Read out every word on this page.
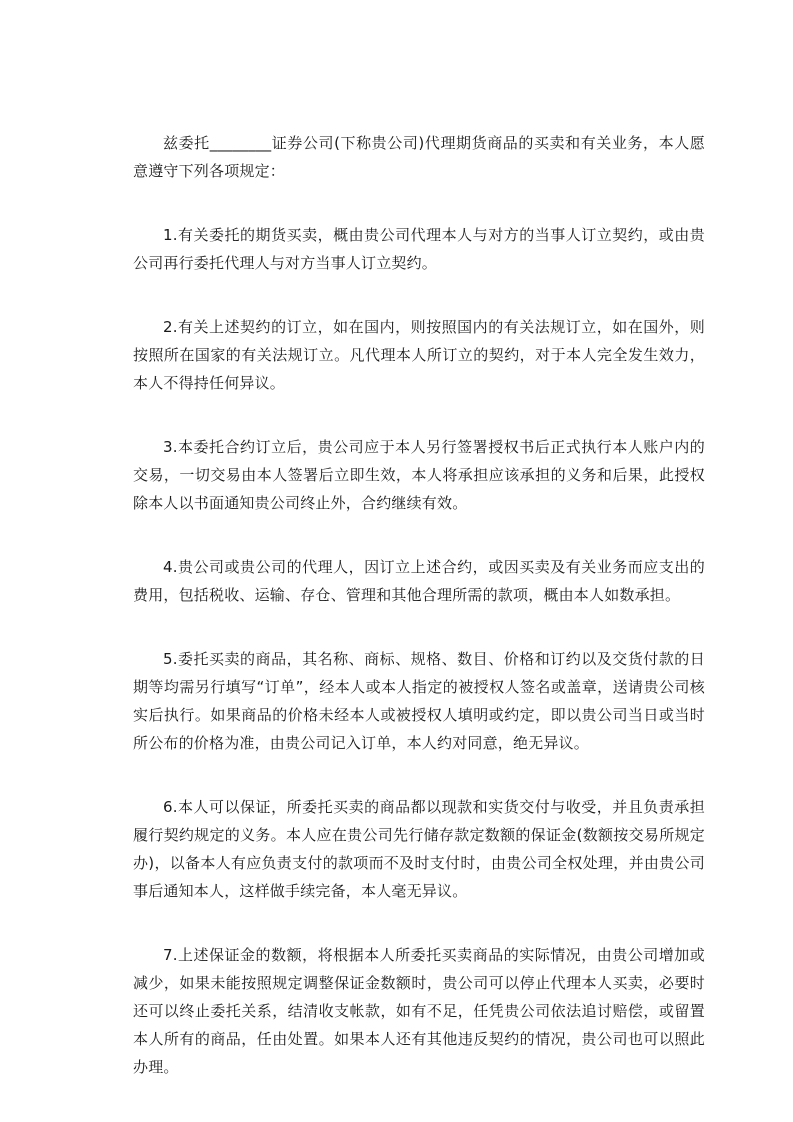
兹委托________证券公司(下称贵公司)代理期货商品的买卖和有关业务，本人愿意遵守下列各项规定：

1.有关委托的期货买卖，概由贵公司代理本人与对方的当事人订立契约，或由贵公司再行委托代理人与对方当事人订立契约。

2.有关上述契约的订立，如在国内，则按照国内的有关法规订立，如在国外，则按照所在国家的有关法规订立。凡代理本人所订立的契约，对于本人完全发生效力，本人不得持任何异议。

3.本委托合约订立后，贵公司应于本人另行签署授权书后正式执行本人账户内的交易，一切交易由本人签署后立即生效，本人将承担应该承担的义务和后果，此授权除本人以书面通知贵公司终止外，合约继续有效。

4.贵公司或贵公司的代理人，因订立上述合约，或因买卖及有关业务而应支出的费用，包括税收、运输、存仓、管理和其他合理所需的款项，概由本人如数承担。

5.委托买卖的商品，其名称、商标、规格、数目、价格和订约以及交货付款的日期等均需另行填写“订单”，经本人或本人指定的被授权人签名或盖章，送请贵公司核实后执行。如果商品的价格未经本人或被授权人填明或约定，即以贵公司当日或当时所公布的价格为准，由贵公司记入订单，本人约对同意，绝无异议。

6.本人可以保证，所委托买卖的商品都以现款和实货交付与收受，并且负责承担履行契约规定的义务。本人应在贵公司先行储存款定数额的保证金(数额按交易所规定办)，以备本人有应负责支付的款项而不及时支付时，由贵公司全权处理，并由贵公司事后通知本人，这样做手续完备，本人毫无异议。

7.上述保证金的数额，将根据本人所委托买卖商品的实际情况，由贵公司增加或减少，如果未能按照规定调整保证金数额时，贵公司可以停止代理本人买卖，必要时还可以终止委托关系，结清收支帐款，如有不足，任凭贵公司依法追讨赔偿，或留置本人所有的商品，任由处置。如果本人还有其他违反契约的情况，贵公司也可以照此办理。
